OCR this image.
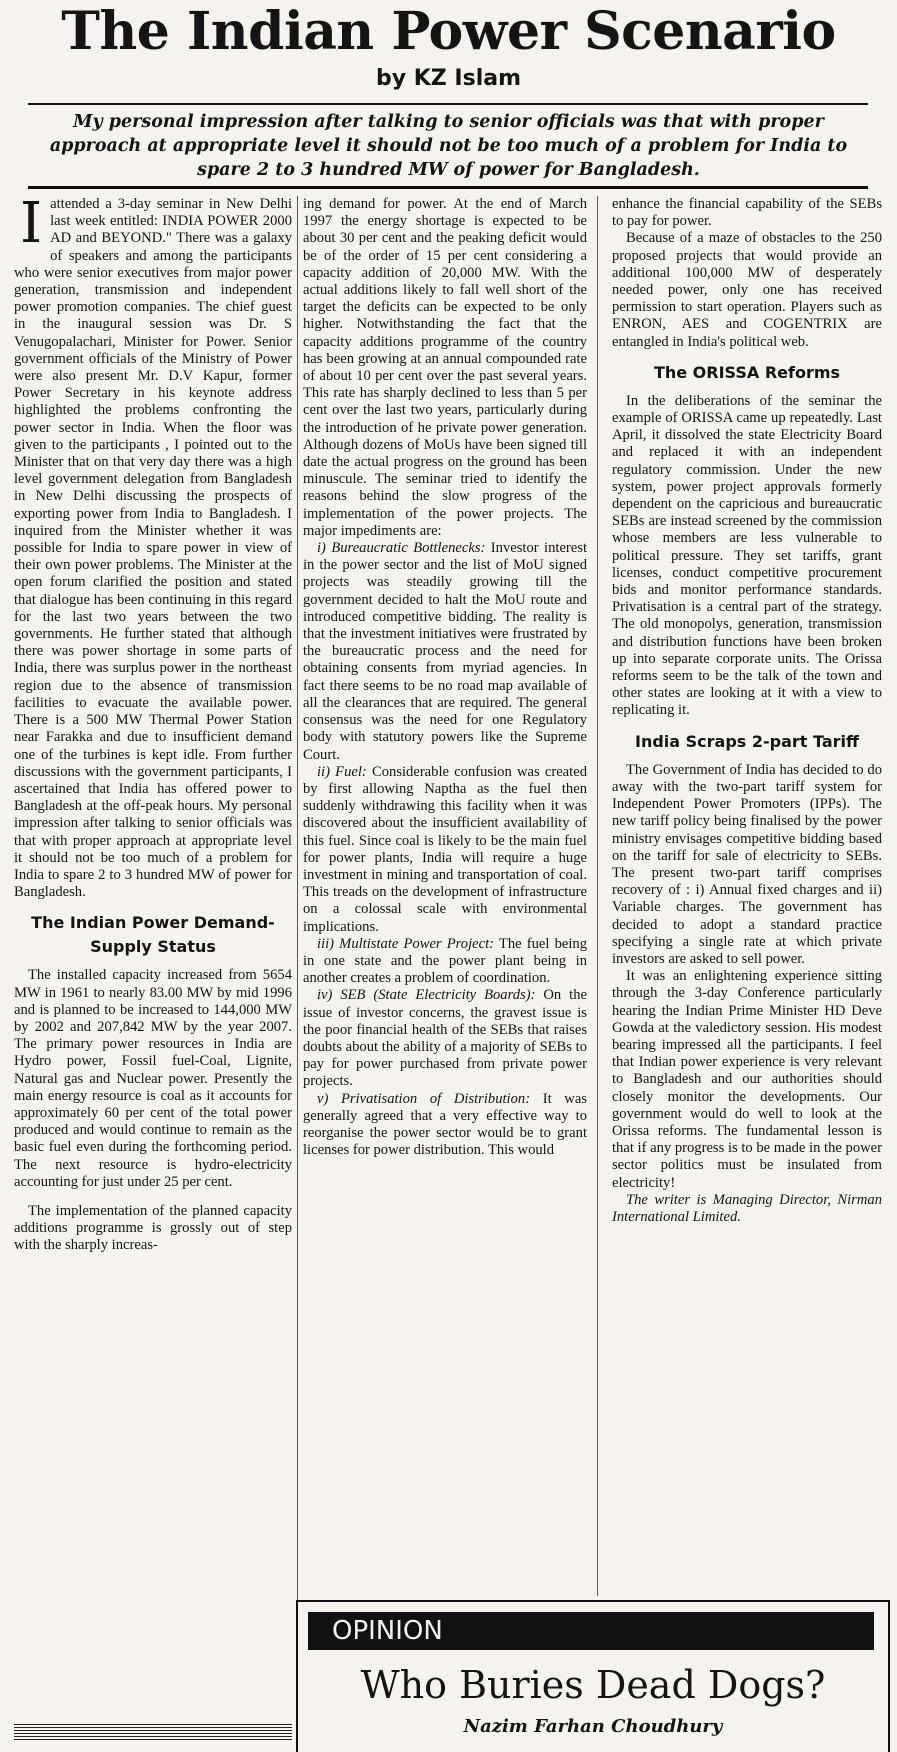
The Indian Power Scenario
by KZ Islam
My personal impression after talking to senior officials was that with proper approach at appropriate level it should not be too much of a problem for India to spare 2 to 3 hundred MW of power for Bangladesh.

Iattended a 3-day seminar in New Delhi last week entitled: INDIA POWER 2000 AD and BEYOND." There was a galaxy of speakers and among the participants who were senior executives from major power generation, transmission and independent power promotion companies. The chief guest in the inaugural session was Dr. S Venugopalachari, Minister for Power. Senior government officials of the Ministry of Power were also present Mr. D.V Kapur, former Power Secretary in his keynote address highlighted the problems confronting the power sector in India. When the floor was given to the participants , I pointed out to the Minister that on that very day there was a high level government delegation from Bangladesh in New Delhi discussing the prospects of exporting power from India to Bangladesh. I inquired from the Minister whether it was possible for India to spare power in view of their own power problems. The Minister at the open forum clarified the position and stated that dialogue has been continuing in this regard for the last two years between the two governments. He further stated that although there was power shortage in some parts of India, there was surplus power in the northeast region due to the absence of transmission facilities to evacuate the available power. There is a 500 MW Thermal Power Station near Farakka and due to insufficient demand one of the turbines is kept idle. From further discussions with the government participants, I ascertained that India has offered power to Bangladesh at the off-peak hours. My personal impression after talking to senior officials was that with proper approach at appropriate level it should not be too much of a problem for India to spare 2 to 3 hundred MW of power for Bangladesh.

The Indian Power Demand-Supply Status

The installed capacity increased from 5654 MW in 1961 to nearly 83.00 MW by mid 1996 and is planned to be increased to 144,000 MW by 2002 and 207,842 MW by the year 2007. The primary power resources in India are Hydro power, Fossil fuel-Coal, Lignite, Natural gas and Nuclear power. Presently the main energy resource is coal as it accounts for approximately 60 per cent of the total power produced and would continue to remain as the basic fuel even during the forthcoming period. The next resource is hydro-electricity accounting for just under 25 per cent.

The implementation of the planned capacity additions programme is grossly out of step with the sharply increas-

ing demand for power. At the end of March 1997 the energy shortage is expected to be about 30 per cent and the peaking deficit would be of the order of 15 per cent considering a capacity addition of 20,000 MW. With the actual additions likely to fall well short of the target the deficits can be expected to be only higher. Notwithstanding the fact that the capacity additions programme of the country has been growing at an annual compounded rate of about 10 per cent over the past several years. This rate has sharply declined to less than 5 per cent over the last two years, particularly during the introduction of he private power generation. Although dozens of MoUs have been signed till date the actual progress on the ground has been minuscule. The seminar tried to identify the reasons behind the slow progress of the implementation of the power projects. The major impediments are:

i) Bureaucratic Bottlenecks: Investor interest in the power sector and the list of MoU signed projects was steadily growing till the government decided to halt the MoU route and introduced competitive bidding. The reality is that the investment initiatives were frustrated by the bureaucratic process and the need for obtaining consents from myriad agencies. In fact there seems to be no road map available of all the clearances that are required. The general consensus was the need for one Regulatory body with statutory powers like the Supreme Court.

ii) Fuel: Considerable confusion was created by first allowing Naptha as the fuel then suddenly withdrawing this facility when it was discovered about the insufficient availability of this fuel. Since coal is likely to be the main fuel for power plants, India will require a huge investment in mining and transportation of coal. This treads on the development of infrastructure on a colossal scale with environmental implications.

iii) Multistate Power Project: The fuel being in one state and the power plant being in another creates a problem of coordination.

iv) SEB (State Electricity Boards): On the issue of investor concerns, the gravest issue is the poor financial health of the SEBs that raises doubts about the ability of a majority of SEBs to pay for power purchased from private power projects.

v) Privatisation of Distribution: It was generally agreed that a very effective way to reorganise the power sector would be to grant licenses for power distribution. This would

enhance the financial capability of the SEBs to pay for power.

Because of a maze of obstacles to the 250 proposed projects that would provide an additional 100,000 MW of desperately needed power, only one has received permission to start operation. Players such as ENRON, AES and COGENTRIX are entangled in India's political web.

The ORISSA Reforms

In the deliberations of the seminar the example of ORISSA came up repeatedly. Last April, it dissolved the state Electricity Board and replaced it with an independent regulatory commission. Under the new system, power project approvals formerly dependent on the capricious and bureaucratic SEBs are instead screened by the commission whose members are less vulnerable to political pressure. They set tariffs, grant licenses, conduct competitive procurement bids and monitor performance standards. Privatisation is a central part of the strategy. The old monopolys, generation, transmission and distribution functions have been broken up into separate corporate units. The Orissa reforms seem to be the talk of the town and other states are looking at it with a view to replicating it.

India Scraps 2-part Tariff

The Government of India has decided to do away with the two-part tariff system for Independent Power Promoters (IPPs). The new tariff policy being finalised by the power ministry envisages competitive bidding based on the tariff for sale of electricity to SEBs. The present two-part tariff comprises recovery of : i) Annual fixed charges and ii) Variable charges. The government has decided to adopt a standard practice specifying a single rate at which private investors are asked to sell power.

It was an enlightening experience sitting through the 3-day Conference particularly hearing the Indian Prime Minister HD Deve Gowda at the valedictory session. His modest bearing impressed all the participants. I feel that Indian power experience is very relevant to Bangladesh and our authorities should closely monitor the developments. Our government would do well to look at the Orissa reforms. The fundamental lesson is that if any progress is to be made in the power sector politics must be insulated from electricity!

The writer is Managing Director, Nirman International Limited.

OPINION
Who Buries Dead Dogs?
Nazim Farhan Choudhury
